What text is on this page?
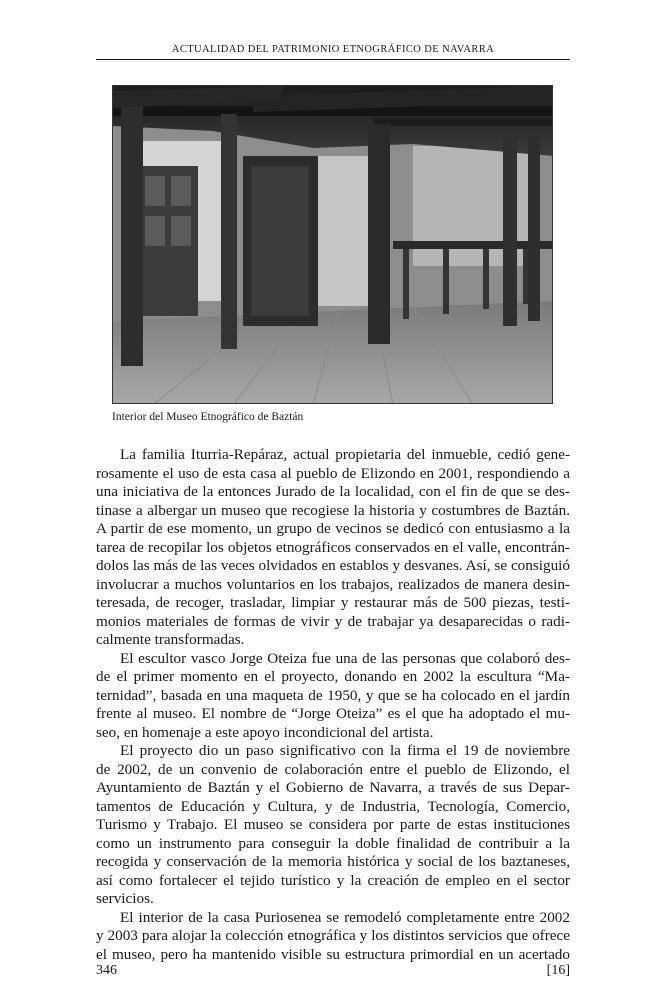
ACTUALIDAD DEL PATRIMONIO ETNOGRÁFICO DE NAVARRA
Interior del Museo Etnográfico de Baztán

La familia Iturria-Repáraz, actual propietaria del inmueble, cedió gene-
rosamente el uso de esta casa al pueblo de Elizondo en 2001, respondiendo a
una iniciativa de la entonces Jurado de la localidad, con el fin de que se des-
tinase a albergar un museo que recogiese la historia y costumbres de Baztán.
A partir de ese momento, un grupo de vecinos se dedicó con entusiasmo a la
tarea de recopilar los objetos etnográficos conservados en el valle, encontrán-
dolos las más de las veces olvidados en establos y desvanes. Así, se consiguió
involucrar a muchos voluntarios en los trabajos, realizados de manera desin-
teresada, de recoger, trasladar, limpiar y restaurar más de 500 piezas, testi-
monios materiales de formas de vivir y de trabajar ya desaparecidas o radi-
calmente transformadas.

El escultor vasco Jorge Oteiza fue una de las personas que colaboró des-
de el primer momento en el proyecto, donando en 2002 la escultura “Ma-
ternidad”, basada en una maqueta de 1950, y que se ha colocado en el jardín
frente al museo. El nombre de “Jorge Oteiza” es el que ha adoptado el mu-
seo, en homenaje a este apoyo incondicional del artista.

El proyecto dio un paso significativo con la firma el 19 de noviembre
de 2002, de un convenio de colaboración entre el pueblo de Elizondo, el
Ayuntamiento de Baztán y el Gobierno de Navarra, a través de sus Depar-
tamentos de Educación y Cultura, y de Industria, Tecnología, Comercio,
Turismo y Trabajo. El museo se considera por parte de estas instituciones
como un instrumento para conseguir la doble finalidad de contribuir a la
recogida y conservación de la memoria histórica y social de los baztaneses,
así como fortalecer el tejido turístico y la creación de empleo en el sector
servicios.

El interior de la casa Puriosenea se remodeló completamente entre 2002
y 2003 para alojar la colección etnográfica y los distintos servicios que ofrece
el museo, pero ha mantenido visible su estructura primordial en un acertado

346	[16]
